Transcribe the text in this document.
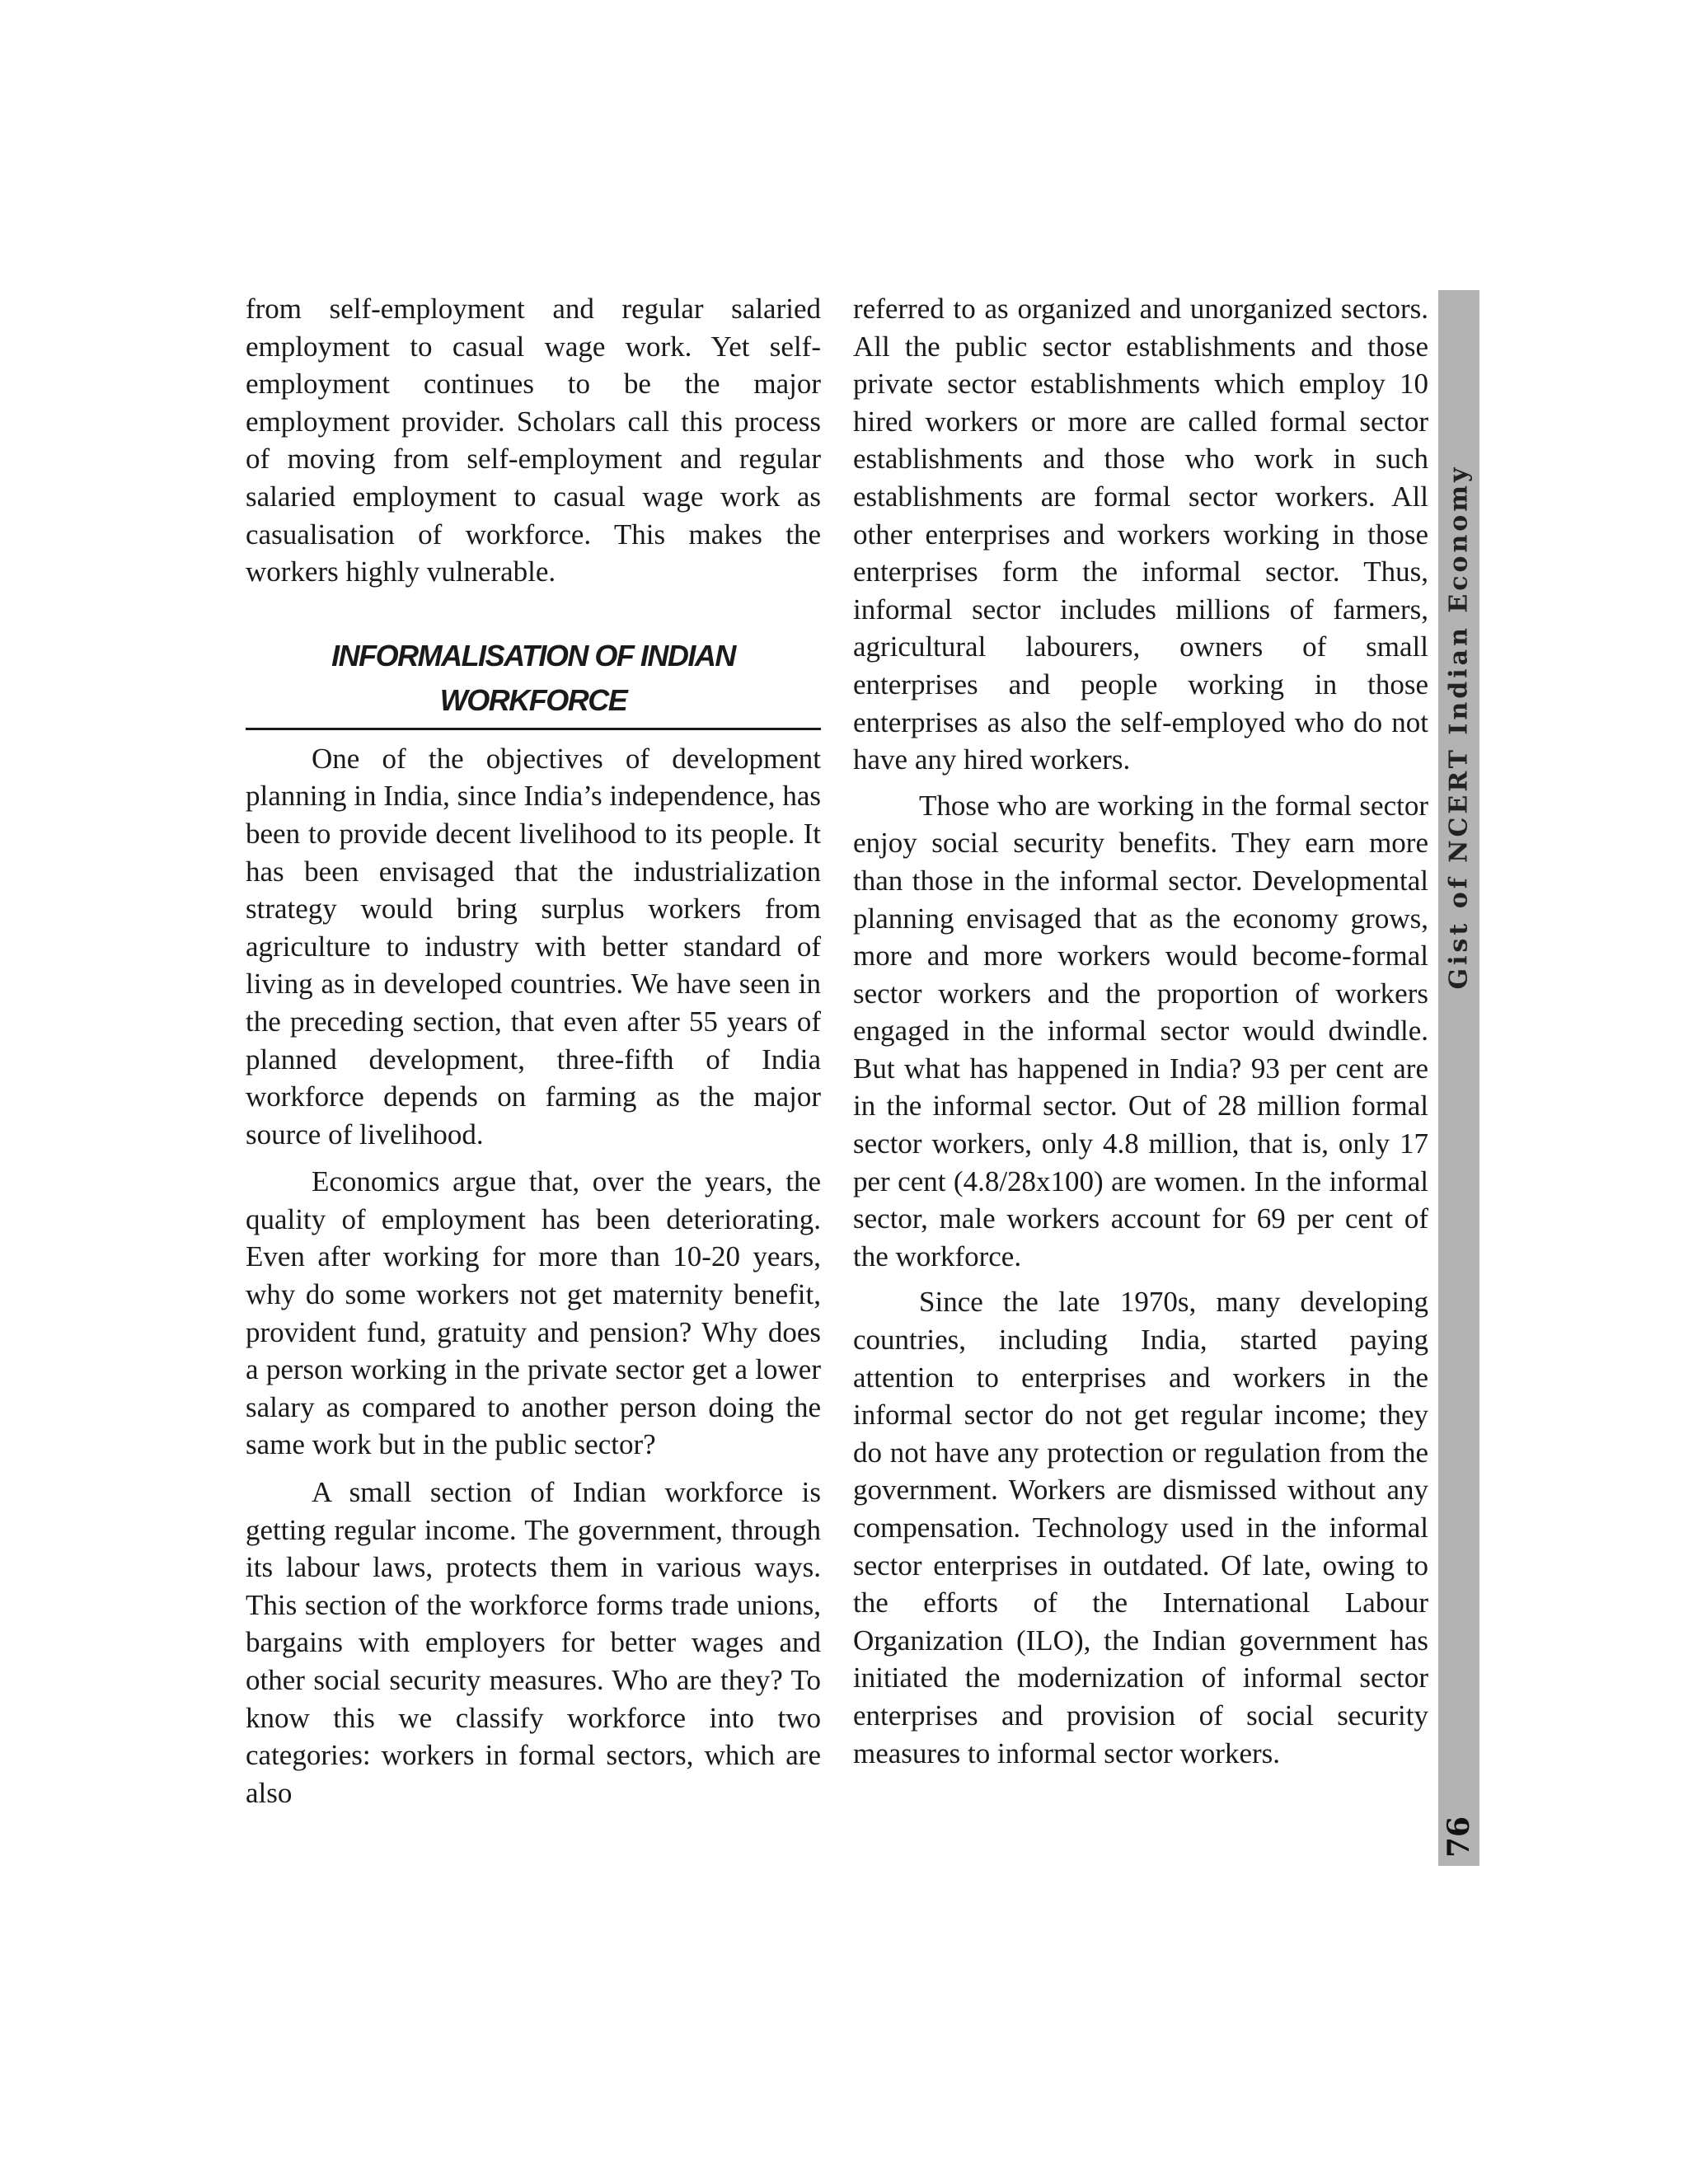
from self-employment and regular salaried employment to casual wage work. Yet self-employment continues to be the major employment provider. Scholars call this process of moving from self-employment and regular salaried employment to casual wage work as casualisation of workforce. This makes the workers highly vulnerable.

INFORMALISATION OF INDIAN
WORKFORCE

One of the objectives of development planning in India, since India’s independence, has been to provide decent livelihood to its people. It has been envisaged that the industrialization strategy would bring surplus workers from agriculture to industry with better standard of living as in developed countries. We have seen in the preceding section, that even after 55 years of planned development, three-fifth of India workforce depends on farming as the major source of livelihood.

Economics argue that, over the years, the quality of employment has been deteriorating. Even after working for more than 10-20 years, why do some workers not get maternity benefit, provident fund, gratuity and pension? Why does a person working in the private sector get a lower salary as compared to another person doing the same work but in the public sector?

A small section of Indian workforce is getting regular income. The government, through its labour laws, protects them in various ways. This section of the workforce forms trade unions, bargains with employers for better wages and other social security measures. Who are they? To know this we classify workforce into two categories: workers in formal sectors, which are also

referred to as organized and unorganized sectors. All the public sector establishments and those private sector establishments which employ 10 hired workers or more are called formal sector establishments and those who work in such establishments are formal sector workers. All other enterprises and workers working in those enterprises form the informal sector. Thus, informal sector includes millions of farmers, agricultural labourers, owners of small enterprises and people working in those enterprises as also the self-employed who do not have any hired workers.

Those who are working in the formal sector enjoy social security benefits. They earn more than those in the informal sector. Developmental planning envisaged that as the economy grows, more and more workers would become-formal sector workers and the proportion of workers engaged in the informal sector would dwindle. But what has happened in India? 93 per cent are in the informal sector. Out of 28 million formal sector workers, only 4.8 million, that is, only 17 per cent (4.8/28x100) are women. In the informal sector, male workers account for 69 per cent of the workforce.

Since the late 1970s, many developing countries, including India, started paying attention to enterprises and workers in the informal sector do not get regular income; they do not have any protection or regulation from the government. Workers are dismissed without any compensation. Technology used in the informal sector enterprises in outdated. Of late, owing to the efforts of the International Labour Organization (ILO), the Indian government has initiated the modernization of informal sector enterprises and provision of social security measures to informal sector workers.

Gist of NCERT Indian Economy
76
